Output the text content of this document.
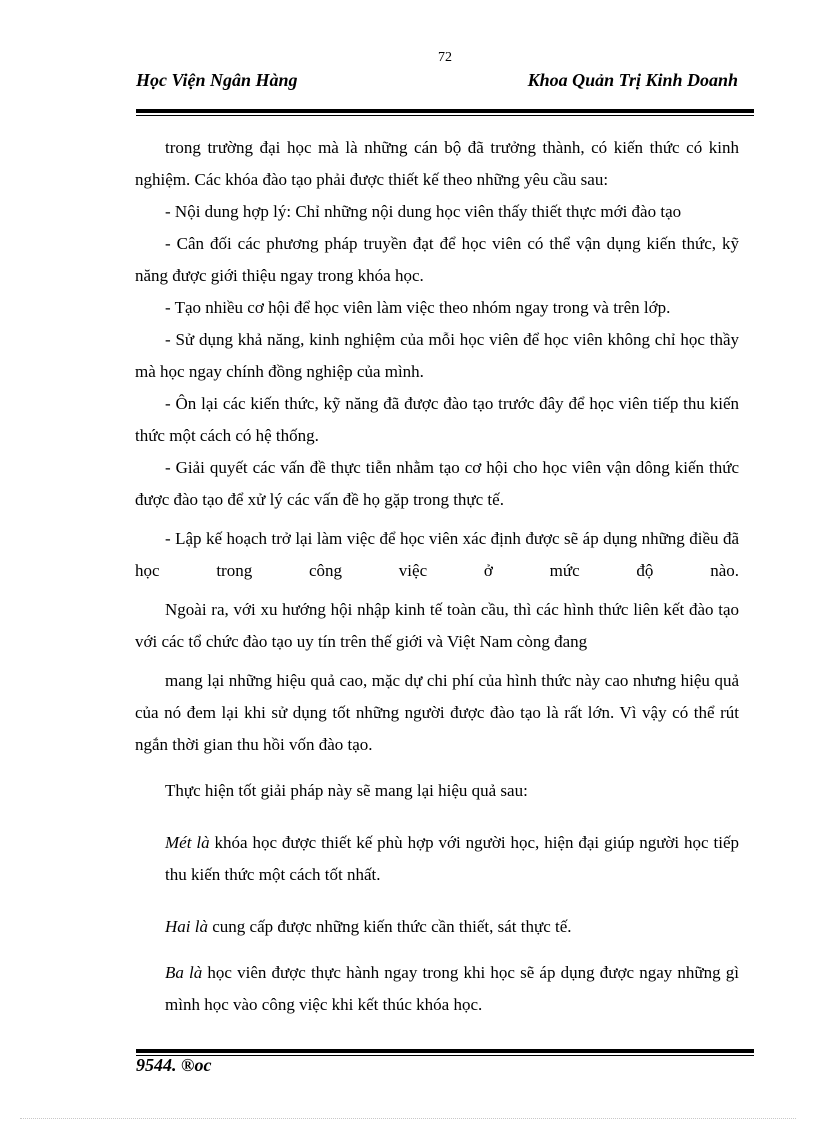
72
Học Viện Ngân Hàng	Khoa Quản Trị Kinh Doanh

trong trường đại học mà là những cán bộ đã trưởng thành, có kiến thức có kinh nghiệm. Các khóa đào tạo phải được thiết kế theo những yêu cầu sau:

- Nội dung hợp lý: Chỉ những nội dung học viên thấy thiết thực mới đào tạo

- Cân đối các phương pháp truyền đạt để học viên có thể vận dụng kiến thức, kỹ năng được giới thiệu ngay trong khóa học.

- Tạo nhiều cơ hội để học viên làm việc theo nhóm ngay trong và trên lớp.

- Sử dụng khả năng, kinh nghiệm của mỗi học viên để học viên không chỉ học thầy mà học ngay chính đồng nghiệp của mình.

- Ôn lại các kiến thức, kỹ năng đã được đào tạo trước đây để học viên tiếp thu kiến thức một cách có hệ thống.

- Giải quyết các vấn đề thực tiễn nhằm tạo cơ hội cho học viên vận dông kiến thức được đào tạo để xử lý các vấn đề họ gặp trong thực tế.

- Lập kế hoạch trở lại làm việc để học viên xác định được sẽ áp dụng những điều đã học trong công việc ở mức độ nào.

Ngoài ra, với xu hướng hội nhập kinh tế toàn cầu, thì các hình thức liên kết đào tạo với các tổ chức đào tạo uy tín trên thế giới và Việt Nam còng đang

mang lại những hiệu quả cao, mặc dự chi phí của hình thức này cao nhưng hiệu quả của nó đem lại khi sử dụng tốt những người được đào tạo là rất lớn. Vì vậy có thể rút ngắn thời gian thu hồi vốn đào tạo.

Thực hiện tốt giải pháp này sẽ mang lại hiệu quả sau:

Mét là khóa học được thiết kế phù hợp với người học, hiện đại giúp người học tiếp thu kiến thức một cách tốt nhất.

Hai là cung cấp được những kiến thức cần thiết, sát thực tế.

Ba là học viên được thực hành ngay trong khi học sẽ áp dụng được ngay những gì mình học vào công việc khi kết thúc khóa học.

9544. ®oc
